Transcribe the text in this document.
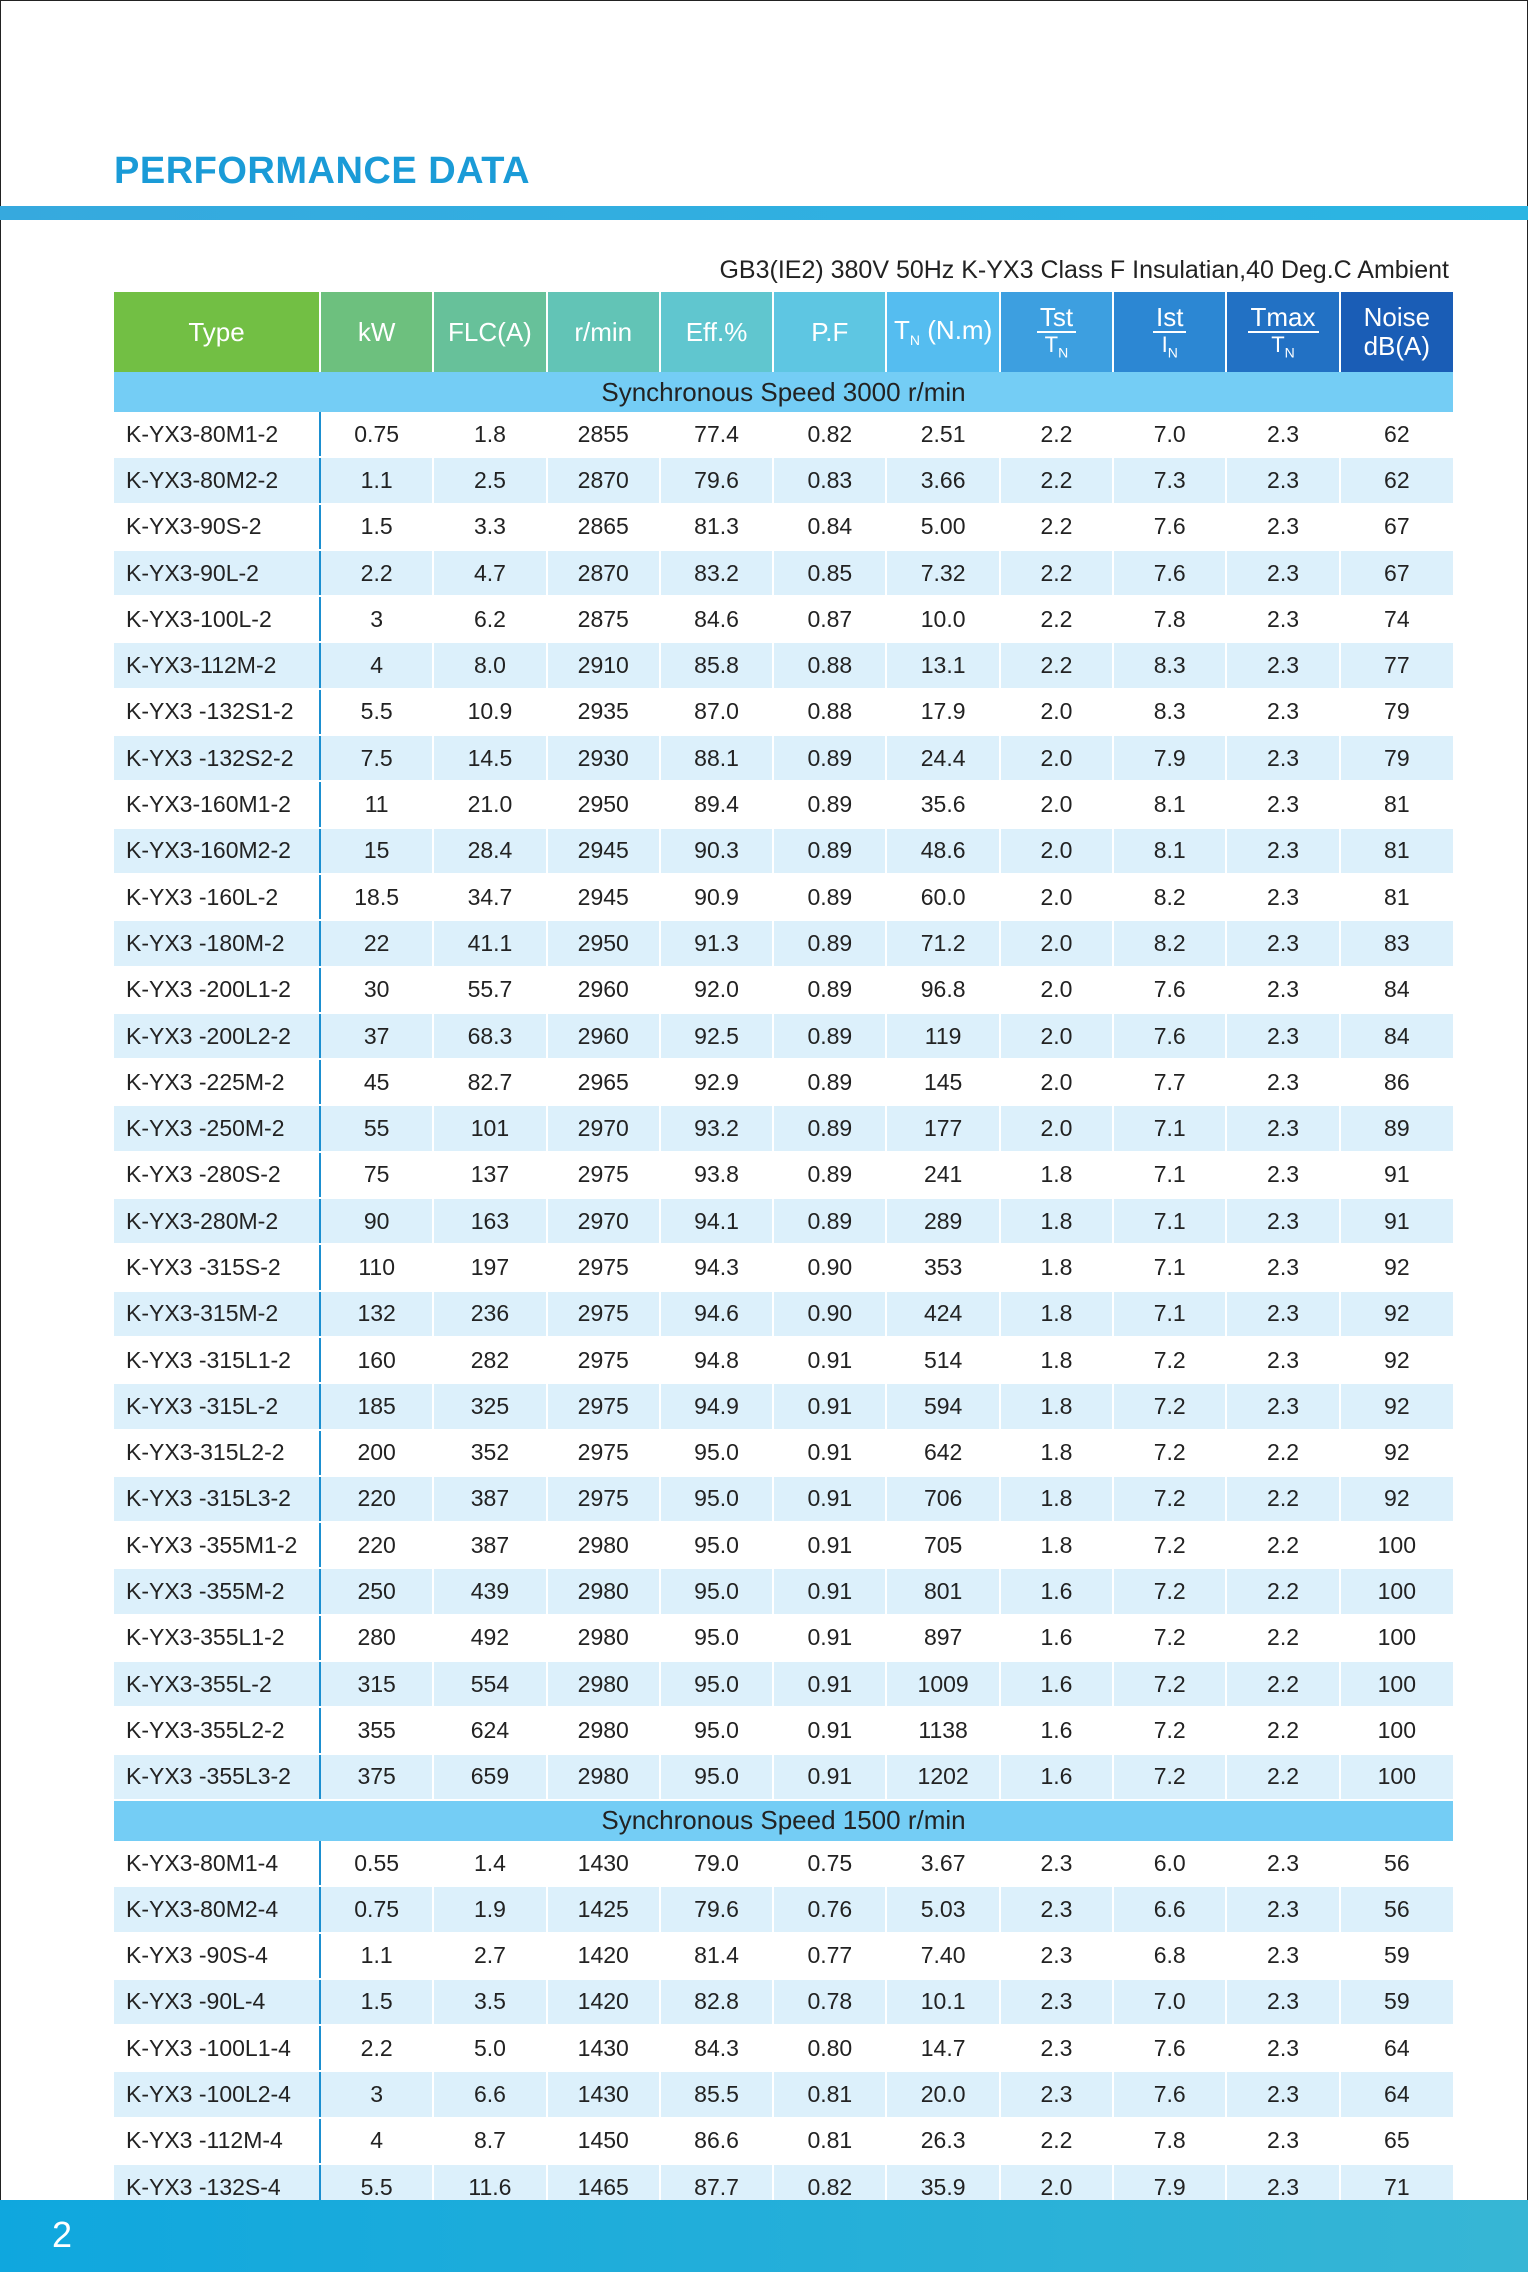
PERFORMANCE DATA
GB3(IE2) 380V 50Hz K-YX3 Class F Insulatian,40 Deg.C Ambient
Type	kW	FLC(A)	r/min	Eff.%	P.F	$T_N$ (N.m)	$\frac{\text{Tst}}{T_N}$	$\frac{\text{Ist}}{I_N}$	$\frac{Tmax}{T_N}$	Noise
dB(A)
Synchronous Speed 3000 r/min										
K-YX3-80M1-2	0.75	1.8	2855	77.4	0.82	2.51	2.2	7.0	2.3	62
K-YX3-80M2-2	1.1	2.5	2870	79.6	0.83	3.66	2.2	7.3	2.3	62
K-YX3-90S-2	1.5	3.3	2865	81.3	0.84	5.00	2.2	7.6	2.3	67
K-YX3-90L-2	2.2	4.7	2870	83.2	0.85	7.32	2.2	7.6	2.3	67
K-YX3-100L-2	3	6.2	2875	84.6	0.87	10.0	2.2	7.8	2.3	74
K-YX3-112M-2	4	8.0	2910	85.8	0.88	13.1	2.2	8.3	2.3	77
K-YX3 -132S1-2	5.5	10.9	2935	87.0	0.88	17.9	2.0	8.3	2.3	79
K-YX3 -132S2-2	7.5	14.5	2930	88.1	0.89	24.4	2.0	7.9	2.3	79
K-YX3-160M1-2	11	21.0	2950	89.4	0.89	35.6	2.0	8.1	2.3	81
K-YX3-160M2-2	15	28.4	2945	90.3	0.89	48.6	2.0	8.1	2.3	81
K-YX3 -160L-2	18.5	34.7	2945	90.9	0.89	60.0	2.0	8.2	2.3	81
K-YX3 -180M-2	22	41.1	2950	91.3	0.89	71.2	2.0	8.2	2.3	83
K-YX3 -200L1-2	30	55.7	2960	92.0	0.89	96.8	2.0	7.6	2.3	84
K-YX3 -200L2-2	37	68.3	2960	92.5	0.89	119	2.0	7.6	2.3	84
K-YX3 -225M-2	45	82.7	2965	92.9	0.89	145	2.0	7.7	2.3	86
K-YX3 -250M-2	55	101	2970	93.2	0.89	177	2.0	7.1	2.3	89
K-YX3 -280S-2	75	137	2975	93.8	0.89	241	1.8	7.1	2.3	91
K-YX3-280M-2	90	163	2970	94.1	0.89	289	1.8	7.1	2.3	91
K-YX3 -315S-2	110	197	2975	94.3	0.90	353	1.8	7.1	2.3	92
K-YX3-315M-2	132	236	2975	94.6	0.90	424	1.8	7.1	2.3	92
K-YX3 -315L1-2	160	282	2975	94.8	0.91	514	1.8	7.2	2.3	92
K-YX3 -315L-2	185	325	2975	94.9	0.91	594	1.8	7.2	2.3	92
K-YX3-315L2-2	200	352	2975	95.0	0.91	642	1.8	7.2	2.2	92
K-YX3 -315L3-2	220	387	2975	95.0	0.91	706	1.8	7.2	2.2	92
K-YX3 -355M1-2	220	387	2980	95.0	0.91	705	1.8	7.2	2.2	100
K-YX3 -355M-2	250	439	2980	95.0	0.91	801	1.6	7.2	2.2	100
K-YX3-355L1-2	280	492	2980	95.0	0.91	897	1.6	7.2	2.2	100
K-YX3-355L-2	315	554	2980	95.0	0.91	1009	1.6	7.2	2.2	100
K-YX3-355L2-2	355	624	2980	95.0	0.91	1138	1.6	7.2	2.2	100
K-YX3 -355L3-2	375	659	2980	95.0	0.91	1202	1.6	7.2	2.2	100
Synchronous Speed 1500 r/min										
K-YX3-80M1-4	0.55	1.4	1430	79.0	0.75	3.67	2.3	6.0	2.3	56
K-YX3-80M2-4	0.75	1.9	1425	79.6	0.76	5.03	2.3	6.6	2.3	56
K-YX3 -90S-4	1.1	2.7	1420	81.4	0.77	7.40	2.3	6.8	2.3	59
K-YX3 -90L-4	1.5	3.5	1420	82.8	0.78	10.1	2.3	7.0	2.3	59
K-YX3 -100L1-4	2.2	5.0	1430	84.3	0.80	14.7	2.3	7.6	2.3	64
K-YX3 -100L2-4	3	6.6	1430	85.5	0.81	20.0	2.3	7.6	2.3	64
K-YX3 -112M-4	4	8.7	1450	86.6	0.81	26.3	2.2	7.8	2.3	65
K-YX3 -132S-4	5.5	11.6	1465	87.7	0.82	35.9	2.0	7.9	2.3	71
2
